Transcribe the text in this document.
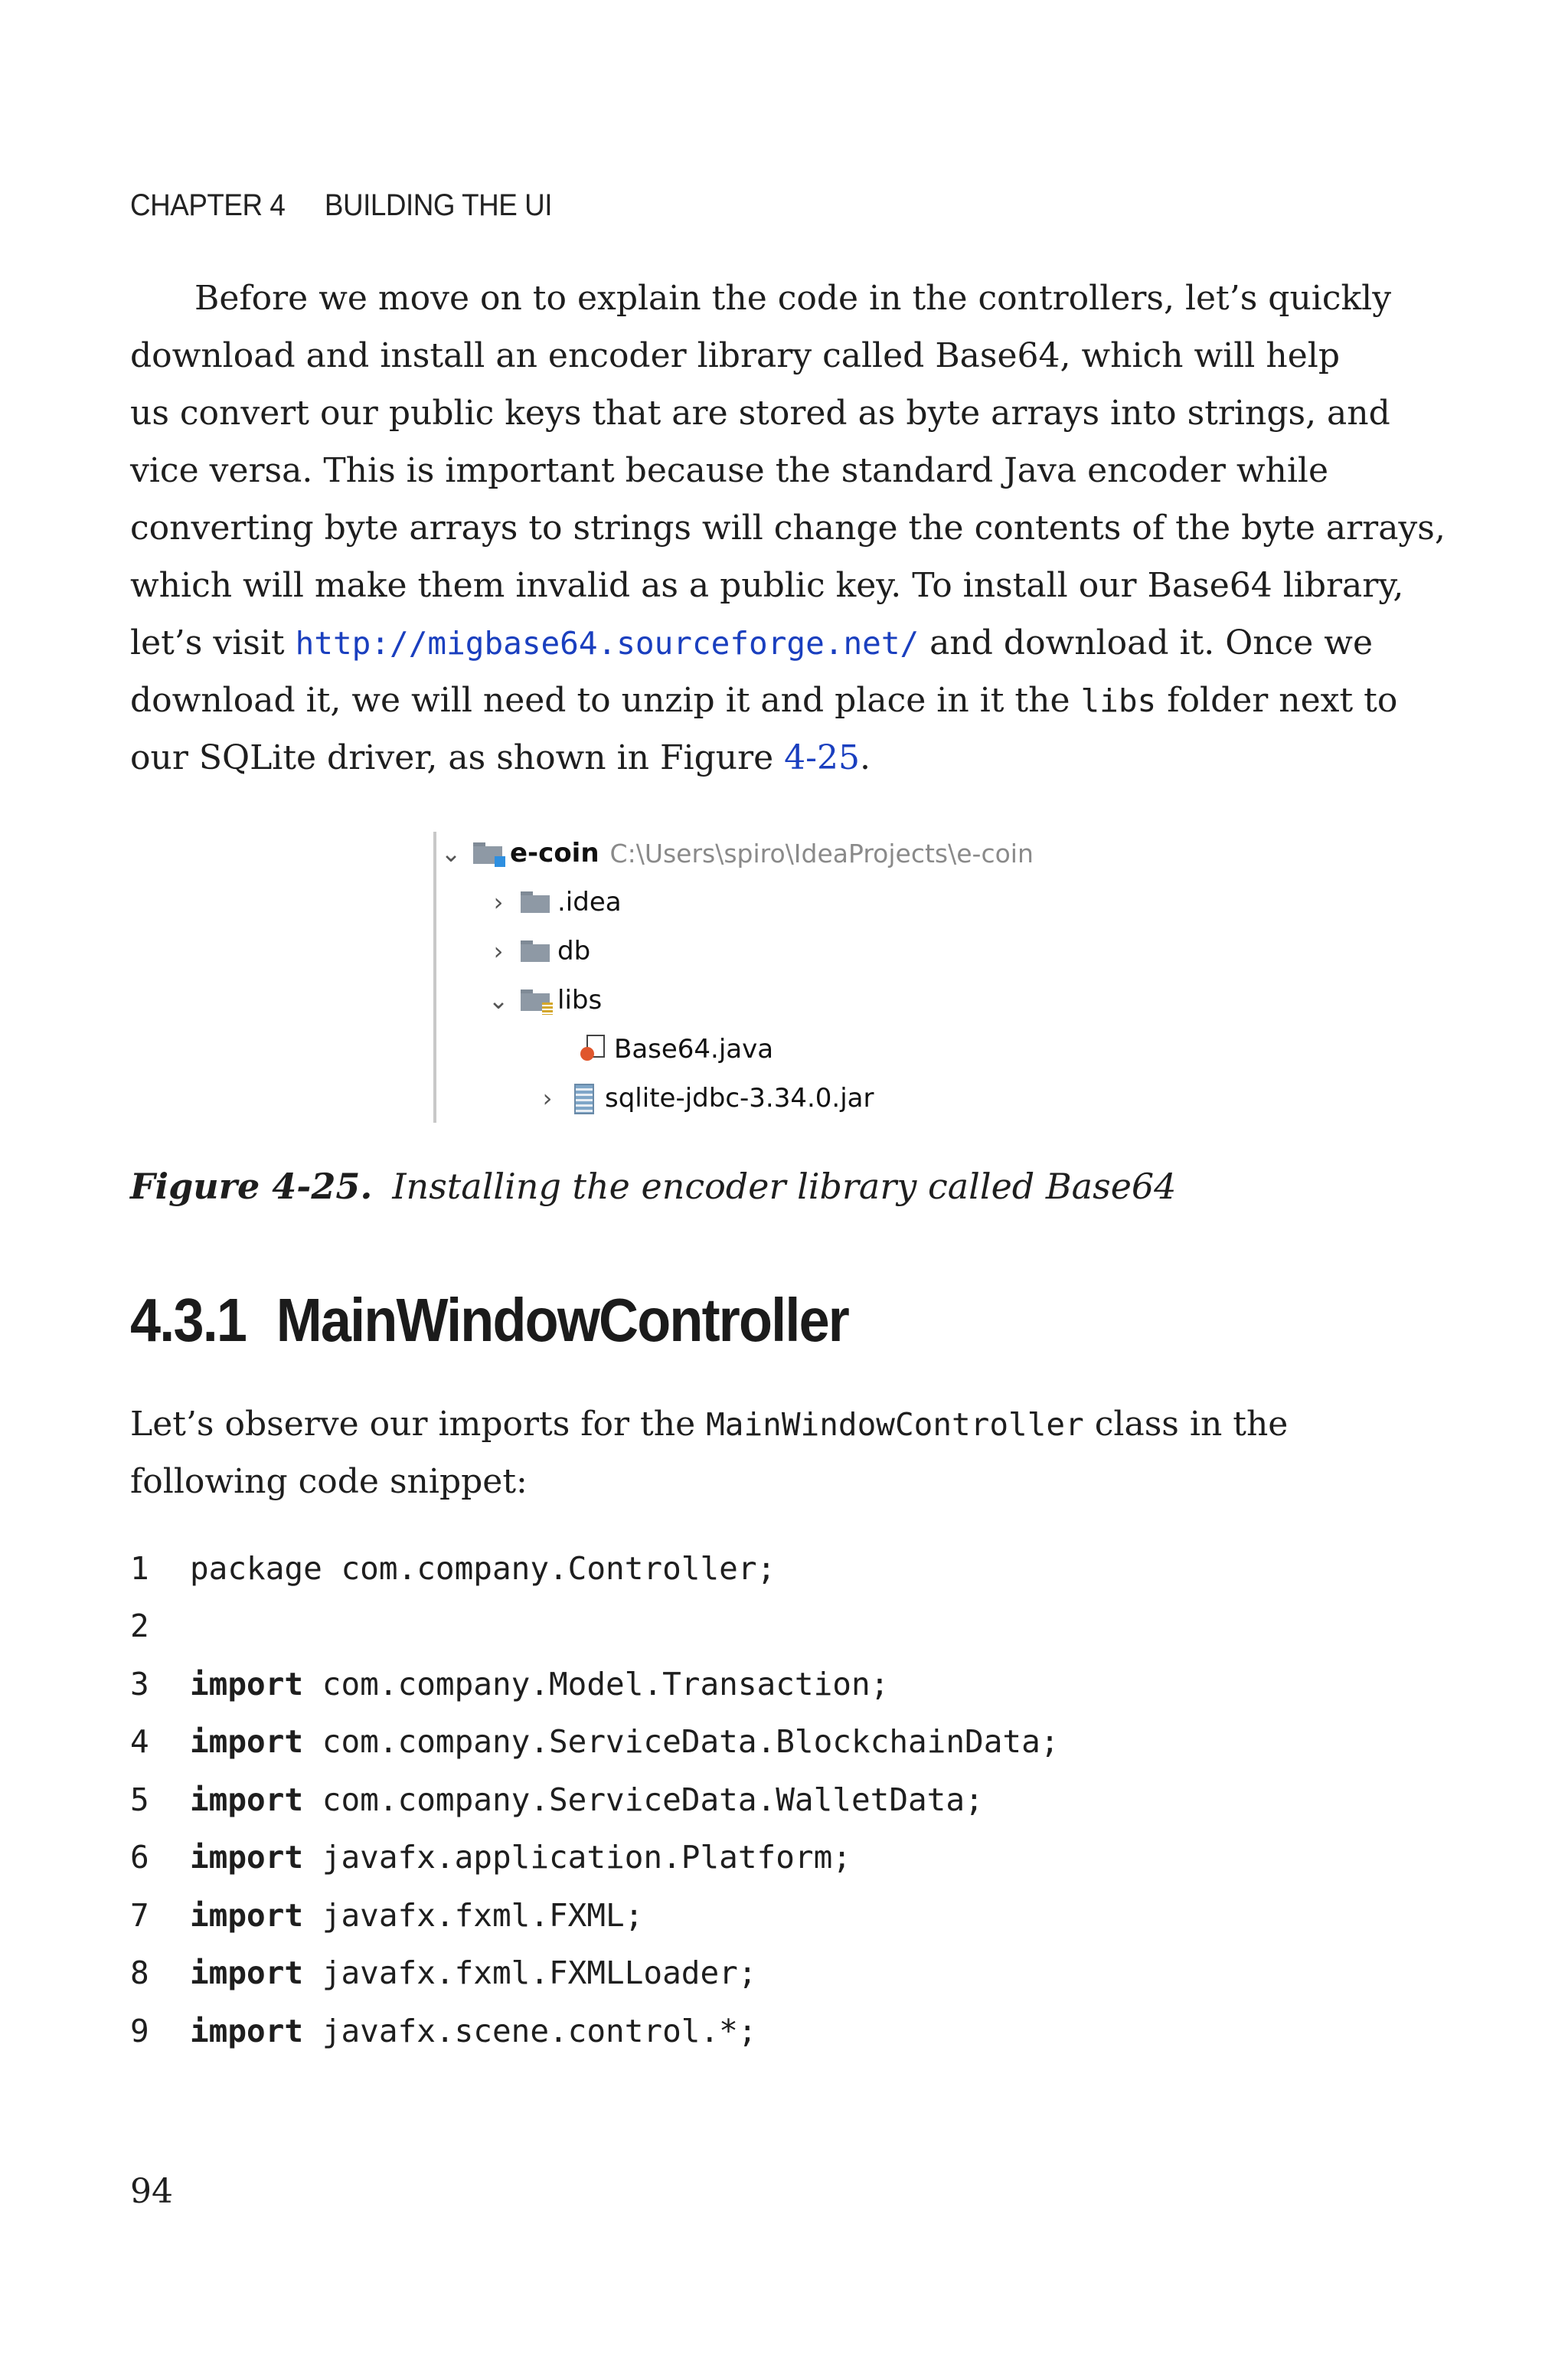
CHAPTER 4 BUILDING THE UI
Before we move on to explain the code in the controllers, let’s quickly
download and install an encoder library called Base64, which will help
us convert our public keys that are stored as byte arrays into strings, and
vice versa. This is important because the standard Java encoder while
converting byte arrays to strings will change the contents of the byte arrays,
which will make them invalid as a public key. To install our Base64 library,
let’s visit http://migbase64.sourceforge.net/ and download it. Once we
download it, we will need to unzip it and place in it the libs folder next to
our SQLite driver, as shown in Figure 4-25.
⌄ e-coin C:\Users\spiro\IdeaProjects\e-coin
› .idea
› db
⌄ libs
Base64.java
› sqlite-jdbc-3.34.0.jar
Figure 4-25. Installing the encoder library called Base64
4.3.1 MainWindowController
Let’s observe our imports for the MainWindowController class in the
following code snippet:
1	package com.company.Controller;
2
3	import com.company.Model.Transaction;
4	import com.company.ServiceData.BlockchainData;
5	import com.company.ServiceData.WalletData;
6	import javafx.application.Platform;
7	import javafx.fxml.FXML;
8	import javafx.fxml.FXMLLoader;
9	import javafx.scene.control.*;
94
